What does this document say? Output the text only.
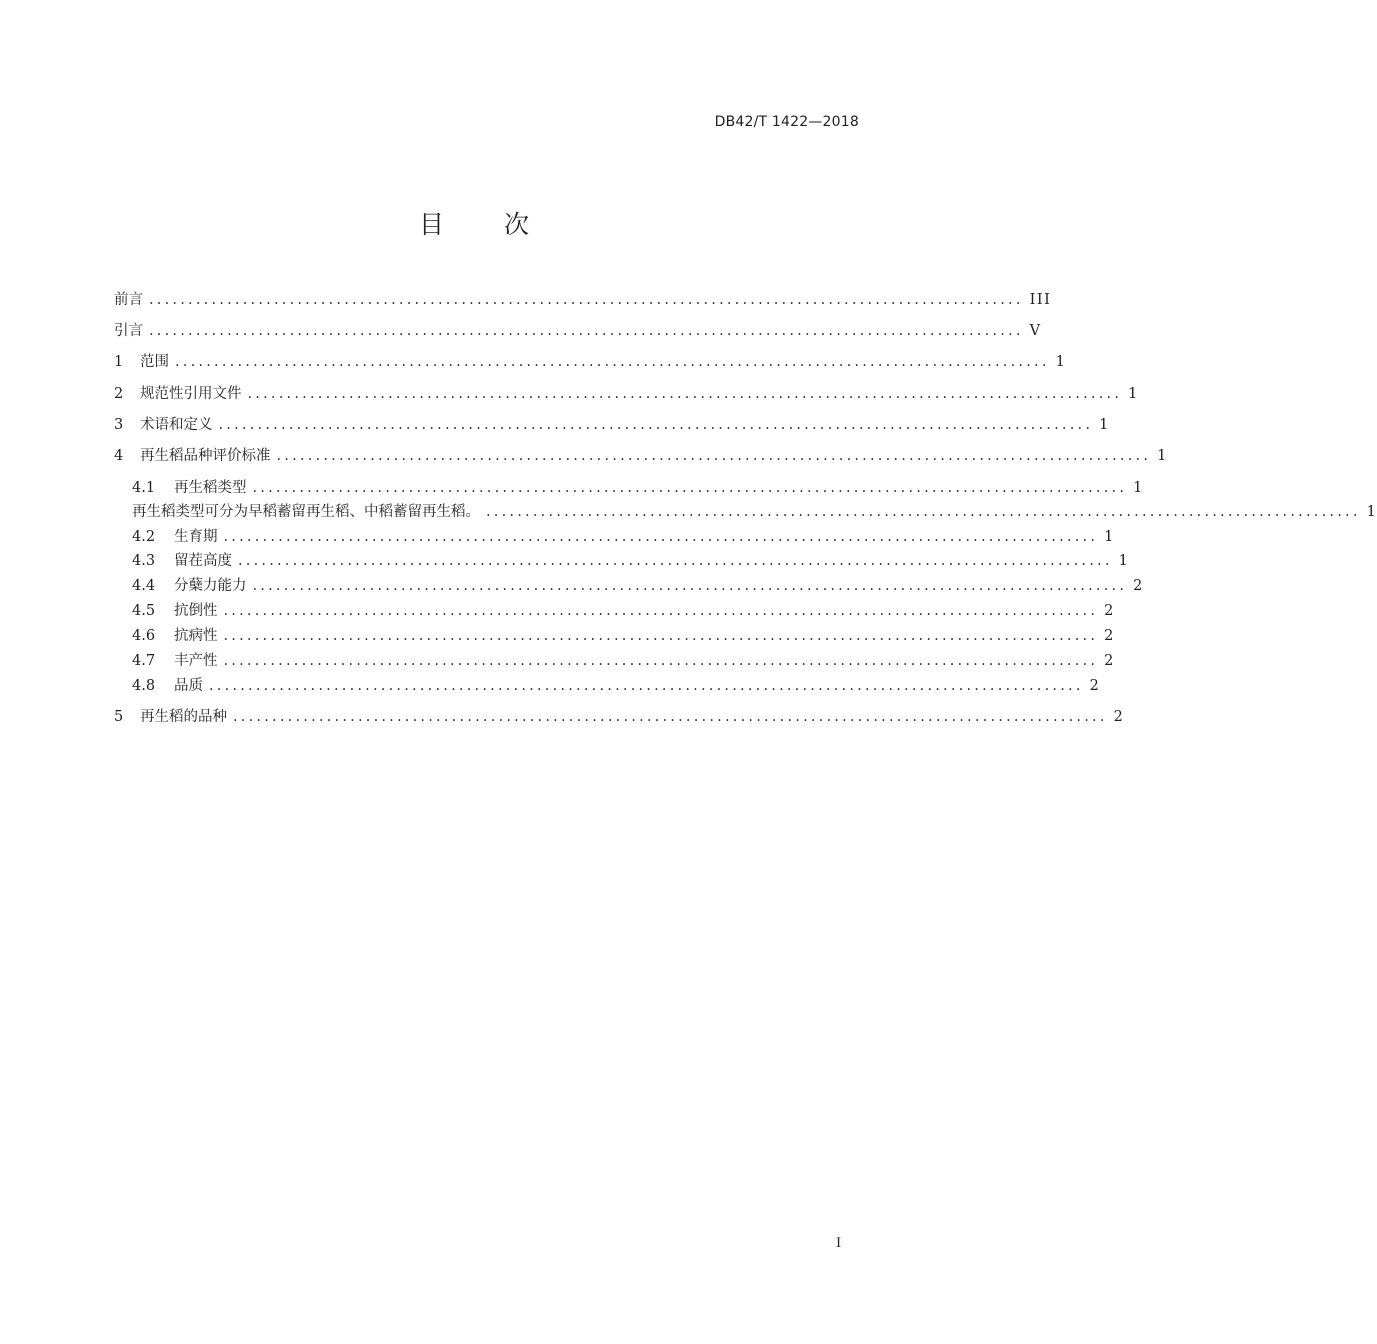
DB42/T 1422—2018
目 次
前言 ................................................................................................................ III
引言 ................................................................................................................ V
1	范围 ................................................................................................................ 1
2	规范性引用文件 ................................................................................................................ 1
3	术语和定义 ................................................................................................................ 1
4	再生稻品种评价标准 ................................................................................................................ 1
4.1	再生稻类型 ................................................................................................................ 1
再生稻类型可分为早稻蓄留再生稻、中稻蓄留再生稻。 ................................................................................................................ 1
4.2	生育期 ................................................................................................................ 1
4.3	留茬高度 ................................................................................................................ 1
4.4	分蘖力能力 ................................................................................................................ 2
4.5	抗倒性 ................................................................................................................ 2
4.6	抗病性 ................................................................................................................ 2
4.7	丰产性 ................................................................................................................ 2
4.8	品质 ................................................................................................................ 2
5	再生稻的品种 ................................................................................................................ 2
I
